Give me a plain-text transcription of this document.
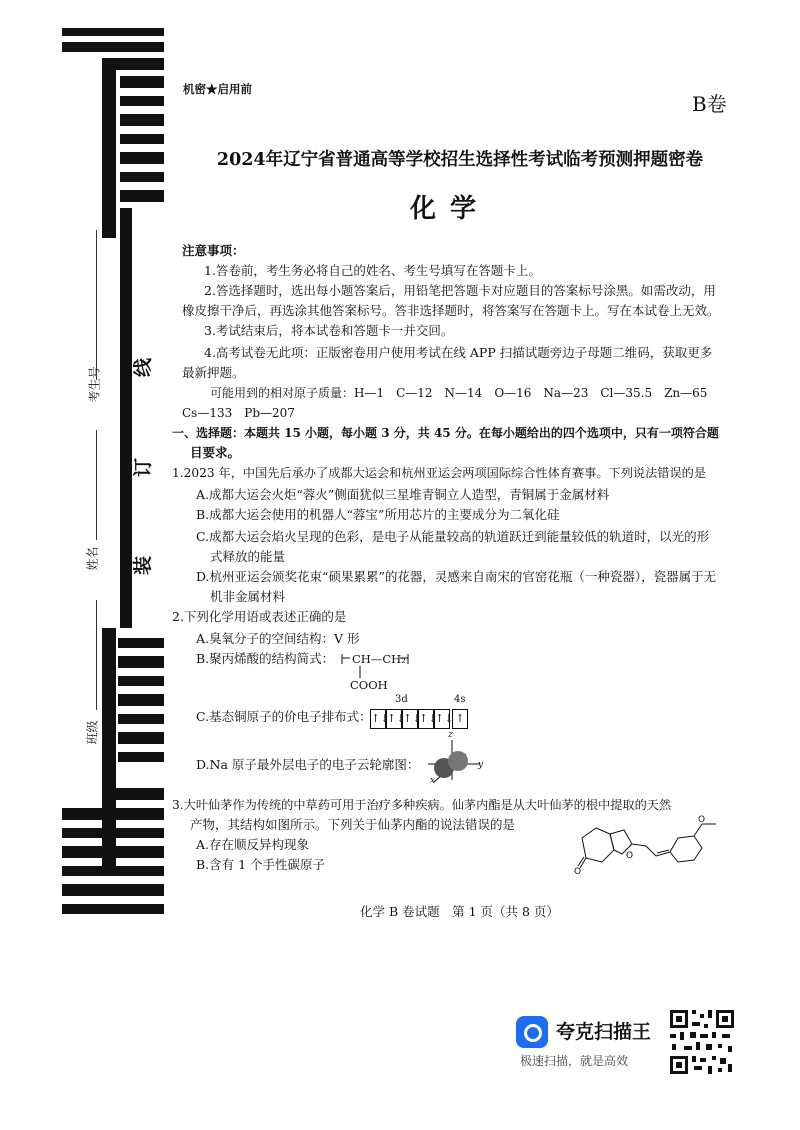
考生号
姓名
班级
线
订
装
机密★启用前
B卷
2024年辽宁省普通高等学校招生选择性考试临考预测押题密卷
化学
注意事项：
1.答卷前，考生务必将自己的姓名、考生号填写在答题卡上。
2.答选择题时，选出每小题答案后，用铅笔把答题卡对应题目的答案标号涂黑。如需改动，用
橡皮擦干净后，再选涂其他答案标号。答非选择题时，将答案写在答题卡上。写在本试卷上无效。
3.考试结束后，将本试卷和答题卡一并交回。
4.高考试卷无此项：正版密卷用户使用考试在线 APP 扫描试题旁边子母题二维码，获取更多
最新押题。
可能用到的相对原子质量：H—1　C—12　N—14　O—16　Na—23　Cl—35.5　Zn—65
Cs—133　Pb—207
一、选择题：本题共 15 小题，每小题 3 分，共 45 分。在每小题给出的四个选项中，只有一项符合题
目要求。
1.2023 年，中国先后承办了成都大运会和杭州亚运会两项国际综合性体育赛事。下列说法错误的是
A.成都大运会火炬“蓉火”侧面犹似三星堆青铜立人造型，青铜属于金属材料
B.成都大运会使用的机器人“蓉宝”所用芯片的主要成分为二氧化硅
C.成都大运会焰火呈现的色彩，是电子从能量较高的轨道跃迁到能量较低的轨道时，以光的形
式释放的能量
D.杭州亚运会颁奖花束“硕果累累”的花器，灵感来自南宋的官窑花瓶（一种瓷器），瓷器属于无
机非金属材料
2.下列化学用语或表述正确的是
A.臭氧分子的空间结构：V 形
B.聚丙烯酸的结构简式： CH—CH₂
COOH
C.基态铜原子的价电子排布式：
3d	4s
↑↓↑↓↑↓↑↓↑↓ ↑
D.Na 原子最外层电子的电子云轮廓图：
z
y
x
3.大叶仙茅作为传统的中草药可用于治疗多种疾病。仙茅内酯是从大叶仙茅的根中提取的天然
产物，其结构如图所示。下列关于仙茅内酯的说法错误的是
A.存在顺反异构现象
B.含有 1 个手性碳原子
O
O
O
化学 B 卷试题　第 1 页（共 8 页）
夸克扫描王
极速扫描，就是高效
